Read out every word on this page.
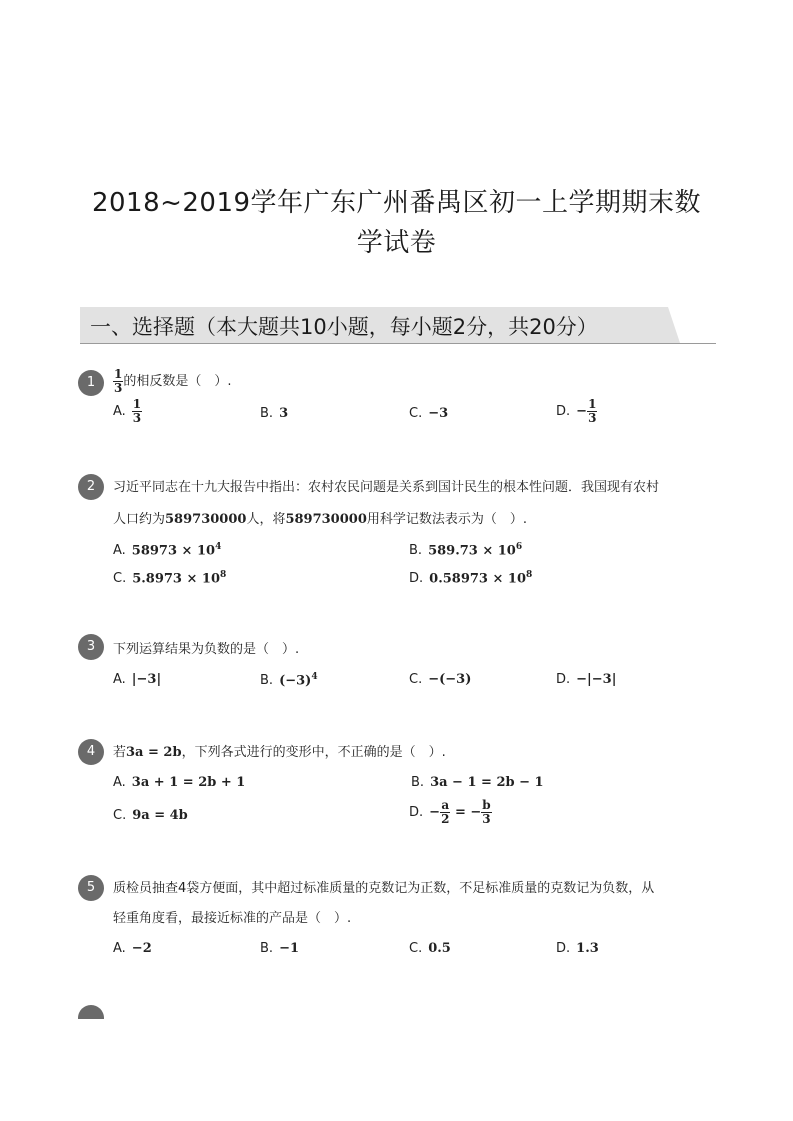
2018~2019学年广东广州番禺区初一上学期期末数
学试卷
一、选择题（本大题共10小题，每小题2分，共20分）
1	$\frac{1}{3}$ 的相反数是（　）.
A. $\frac{1}{3}$	B. 3	C. −3	D. − $\frac{1}{3}$
2	习近平同志在十九大报告中指出：农村农民问题是关系到国计民生的根本性问题．我国现有农村
人口约为589730000人，将589730000用科学记数法表示为（　）.
A. $58973 \times 10^4$	B. $589.73 \times 10^6$
C. $5.8973 \times 10^8$	D. $0.58973 \times 10^8$
3	下列运算结果为负数的是（　）.
A. |−3|	B. $(-3)^4$	C. −(−3)	D. −|−3|
4	若3a = 2b，下列各式进行的变形中，不正确的是（　）.
A. 3a + 1 = 2b + 1	B. 3a − 1 = 2b − 1
C. 9a = 4b	D. − $\frac{a}{2}$ = − $\frac{b}{3}$
5	质检员抽查4袋方便面，其中超过标准质量的克数记为正数，不足标准质量的克数记为负数，从
轻重角度看，最接近标准的产品是（　）.
A. −2	B. −1	C. 0.5	D. 1.3
